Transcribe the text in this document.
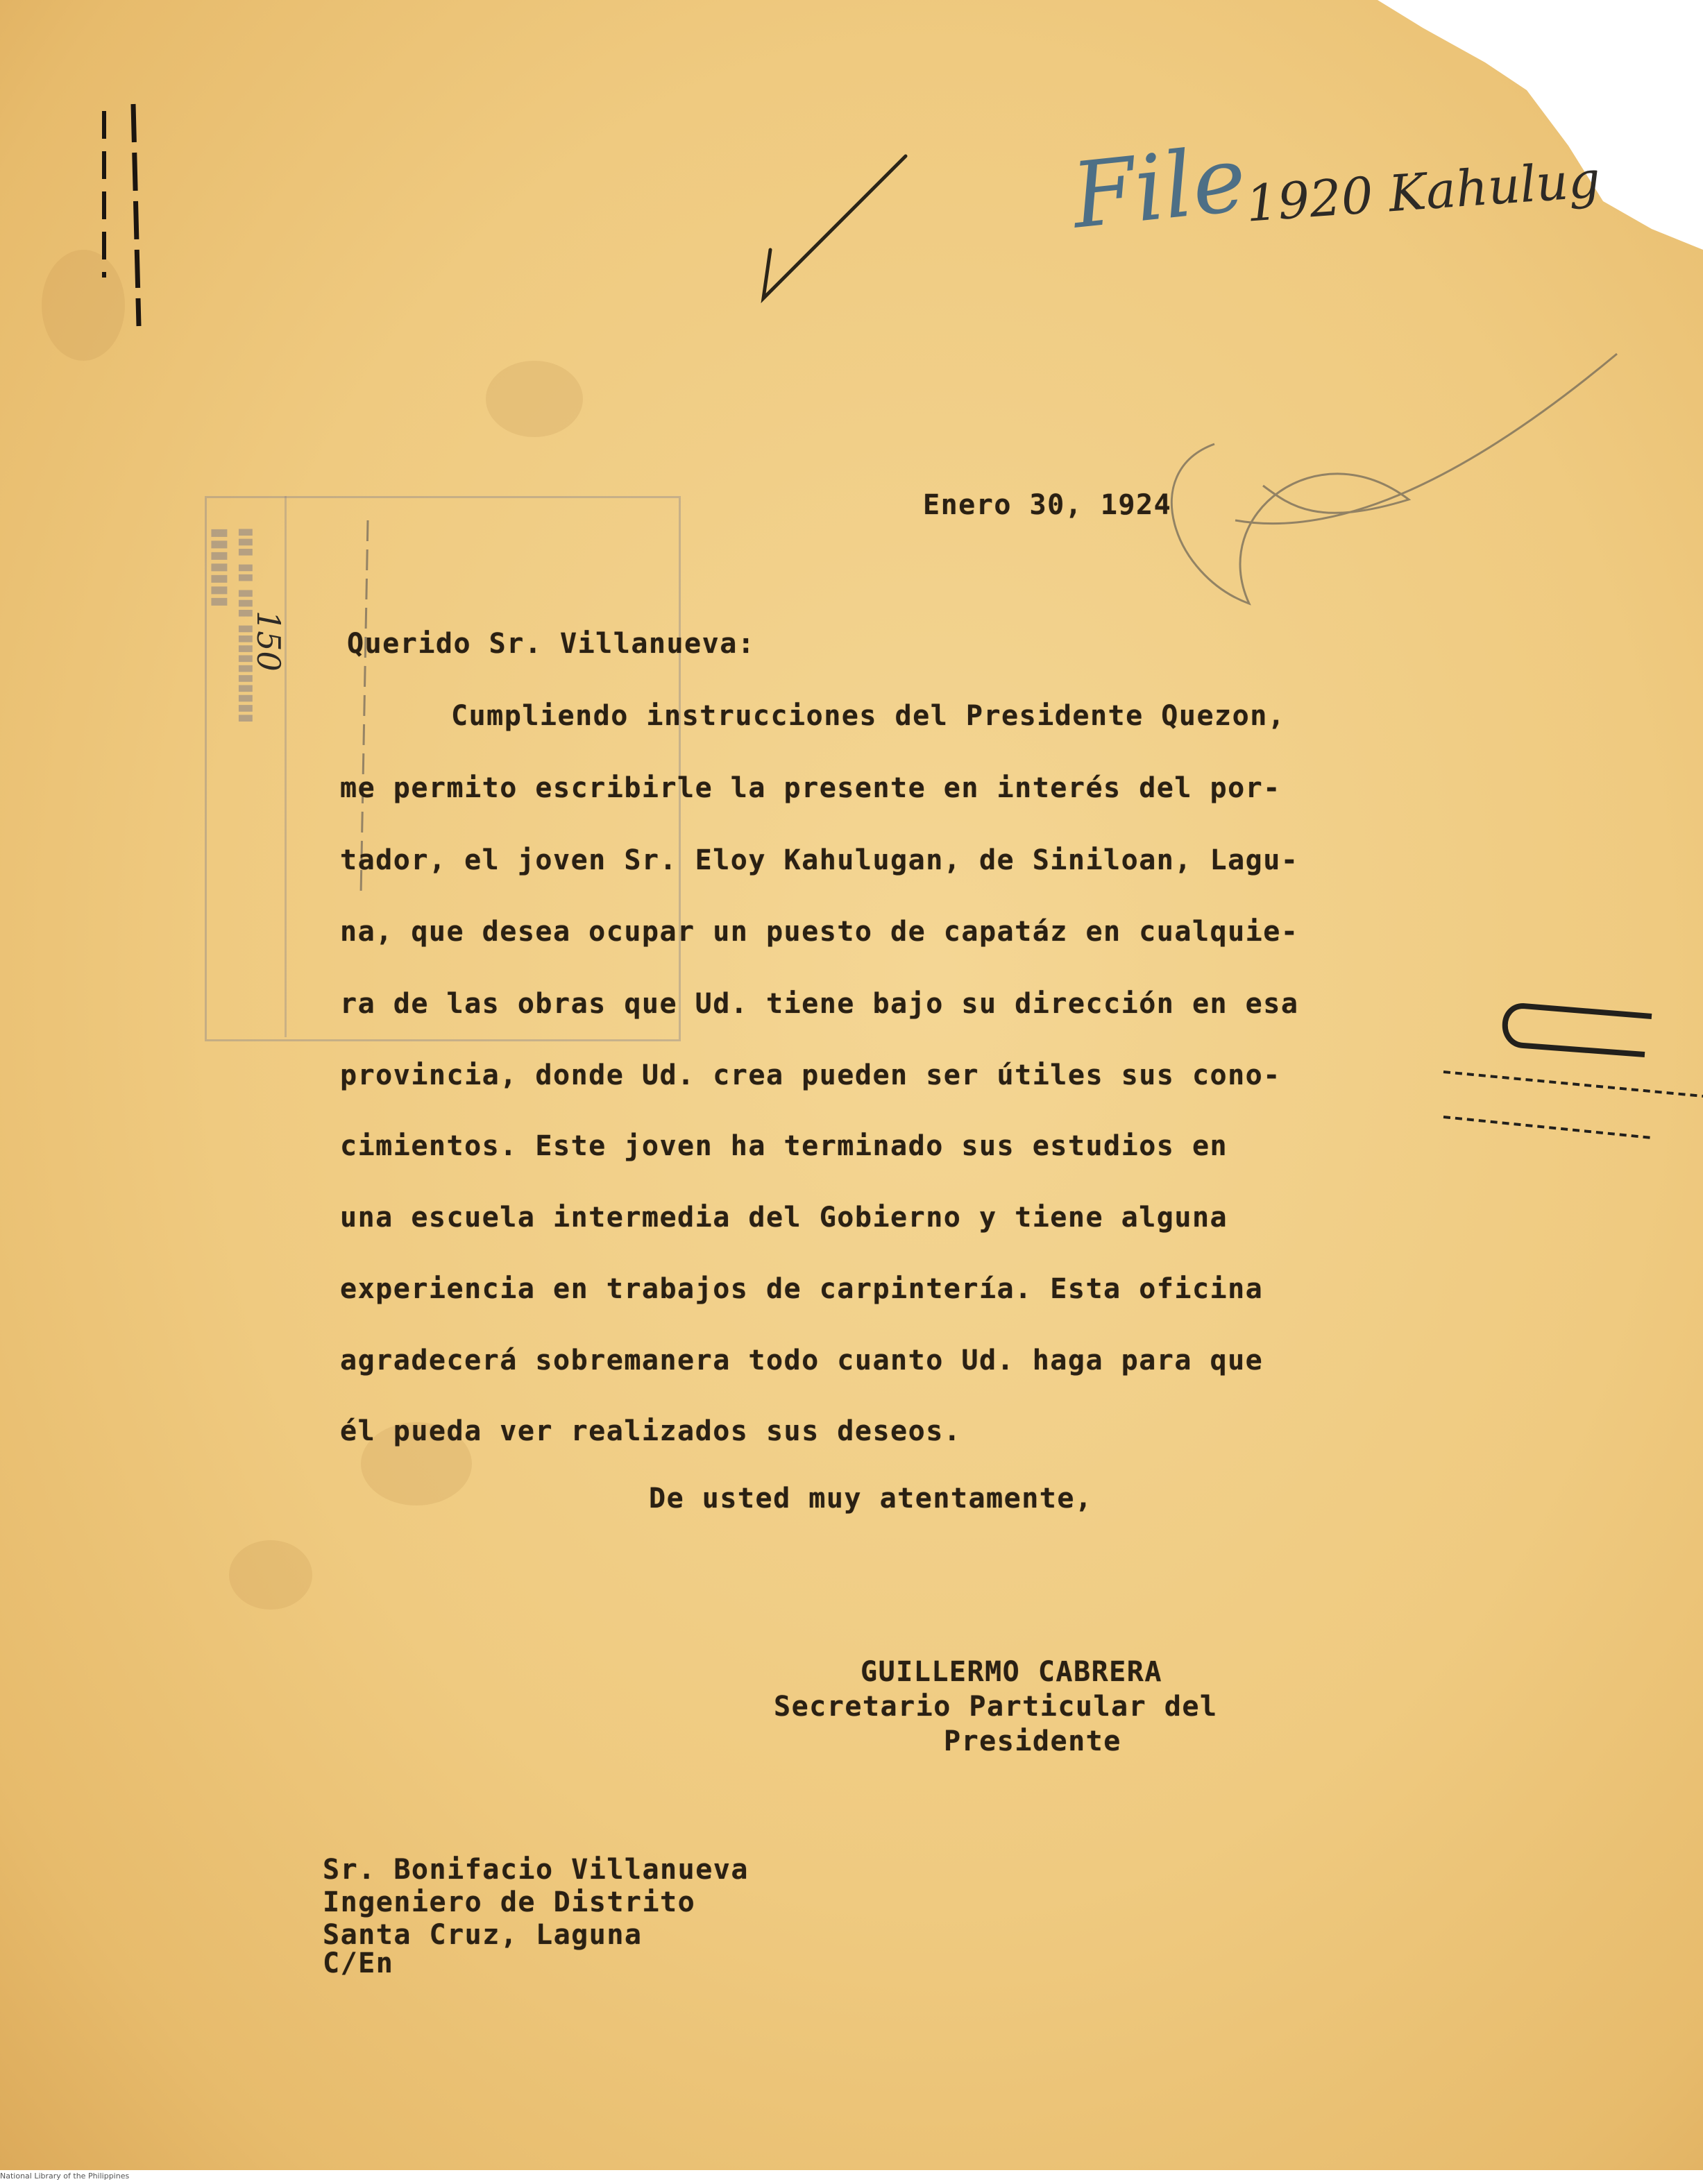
▮▮▮ ▮▮ ▮▮▮ ▮▮▮▮▮▮▮▮▮▮
▮▮▮▮▮▮▮
File
1920 Kahulug
150
Enero 30, 1924
Querido Sr. Villanueva:
Cumpliendo instrucciones del Presidente Quezon,
me permito escribirle la presente en interés del por-
tador, el joven Sr. Eloy Kahulugan, de Siniloan, Lagu-
na, que desea ocupar un puesto de capatáz en cualquie-
ra de las obras que Ud. tiene bajo su dirección en esa
provincia, donde Ud. crea pueden ser útiles sus cono-
cimientos. Este joven ha terminado sus estudios en
una escuela intermedia del Gobierno y tiene alguna
experiencia en trabajos de carpintería. Esta oficina
agradecerá sobremanera todo cuanto Ud. haga para que
él pueda ver realizados sus deseos.
De usted muy atentamente,
GUILLERMO CABRERA
Secretario Particular del
Presidente
Sr. Bonifacio Villanueva
Ingeniero de Distrito
Santa Cruz, Laguna
C/En
National Library of the Philippines
